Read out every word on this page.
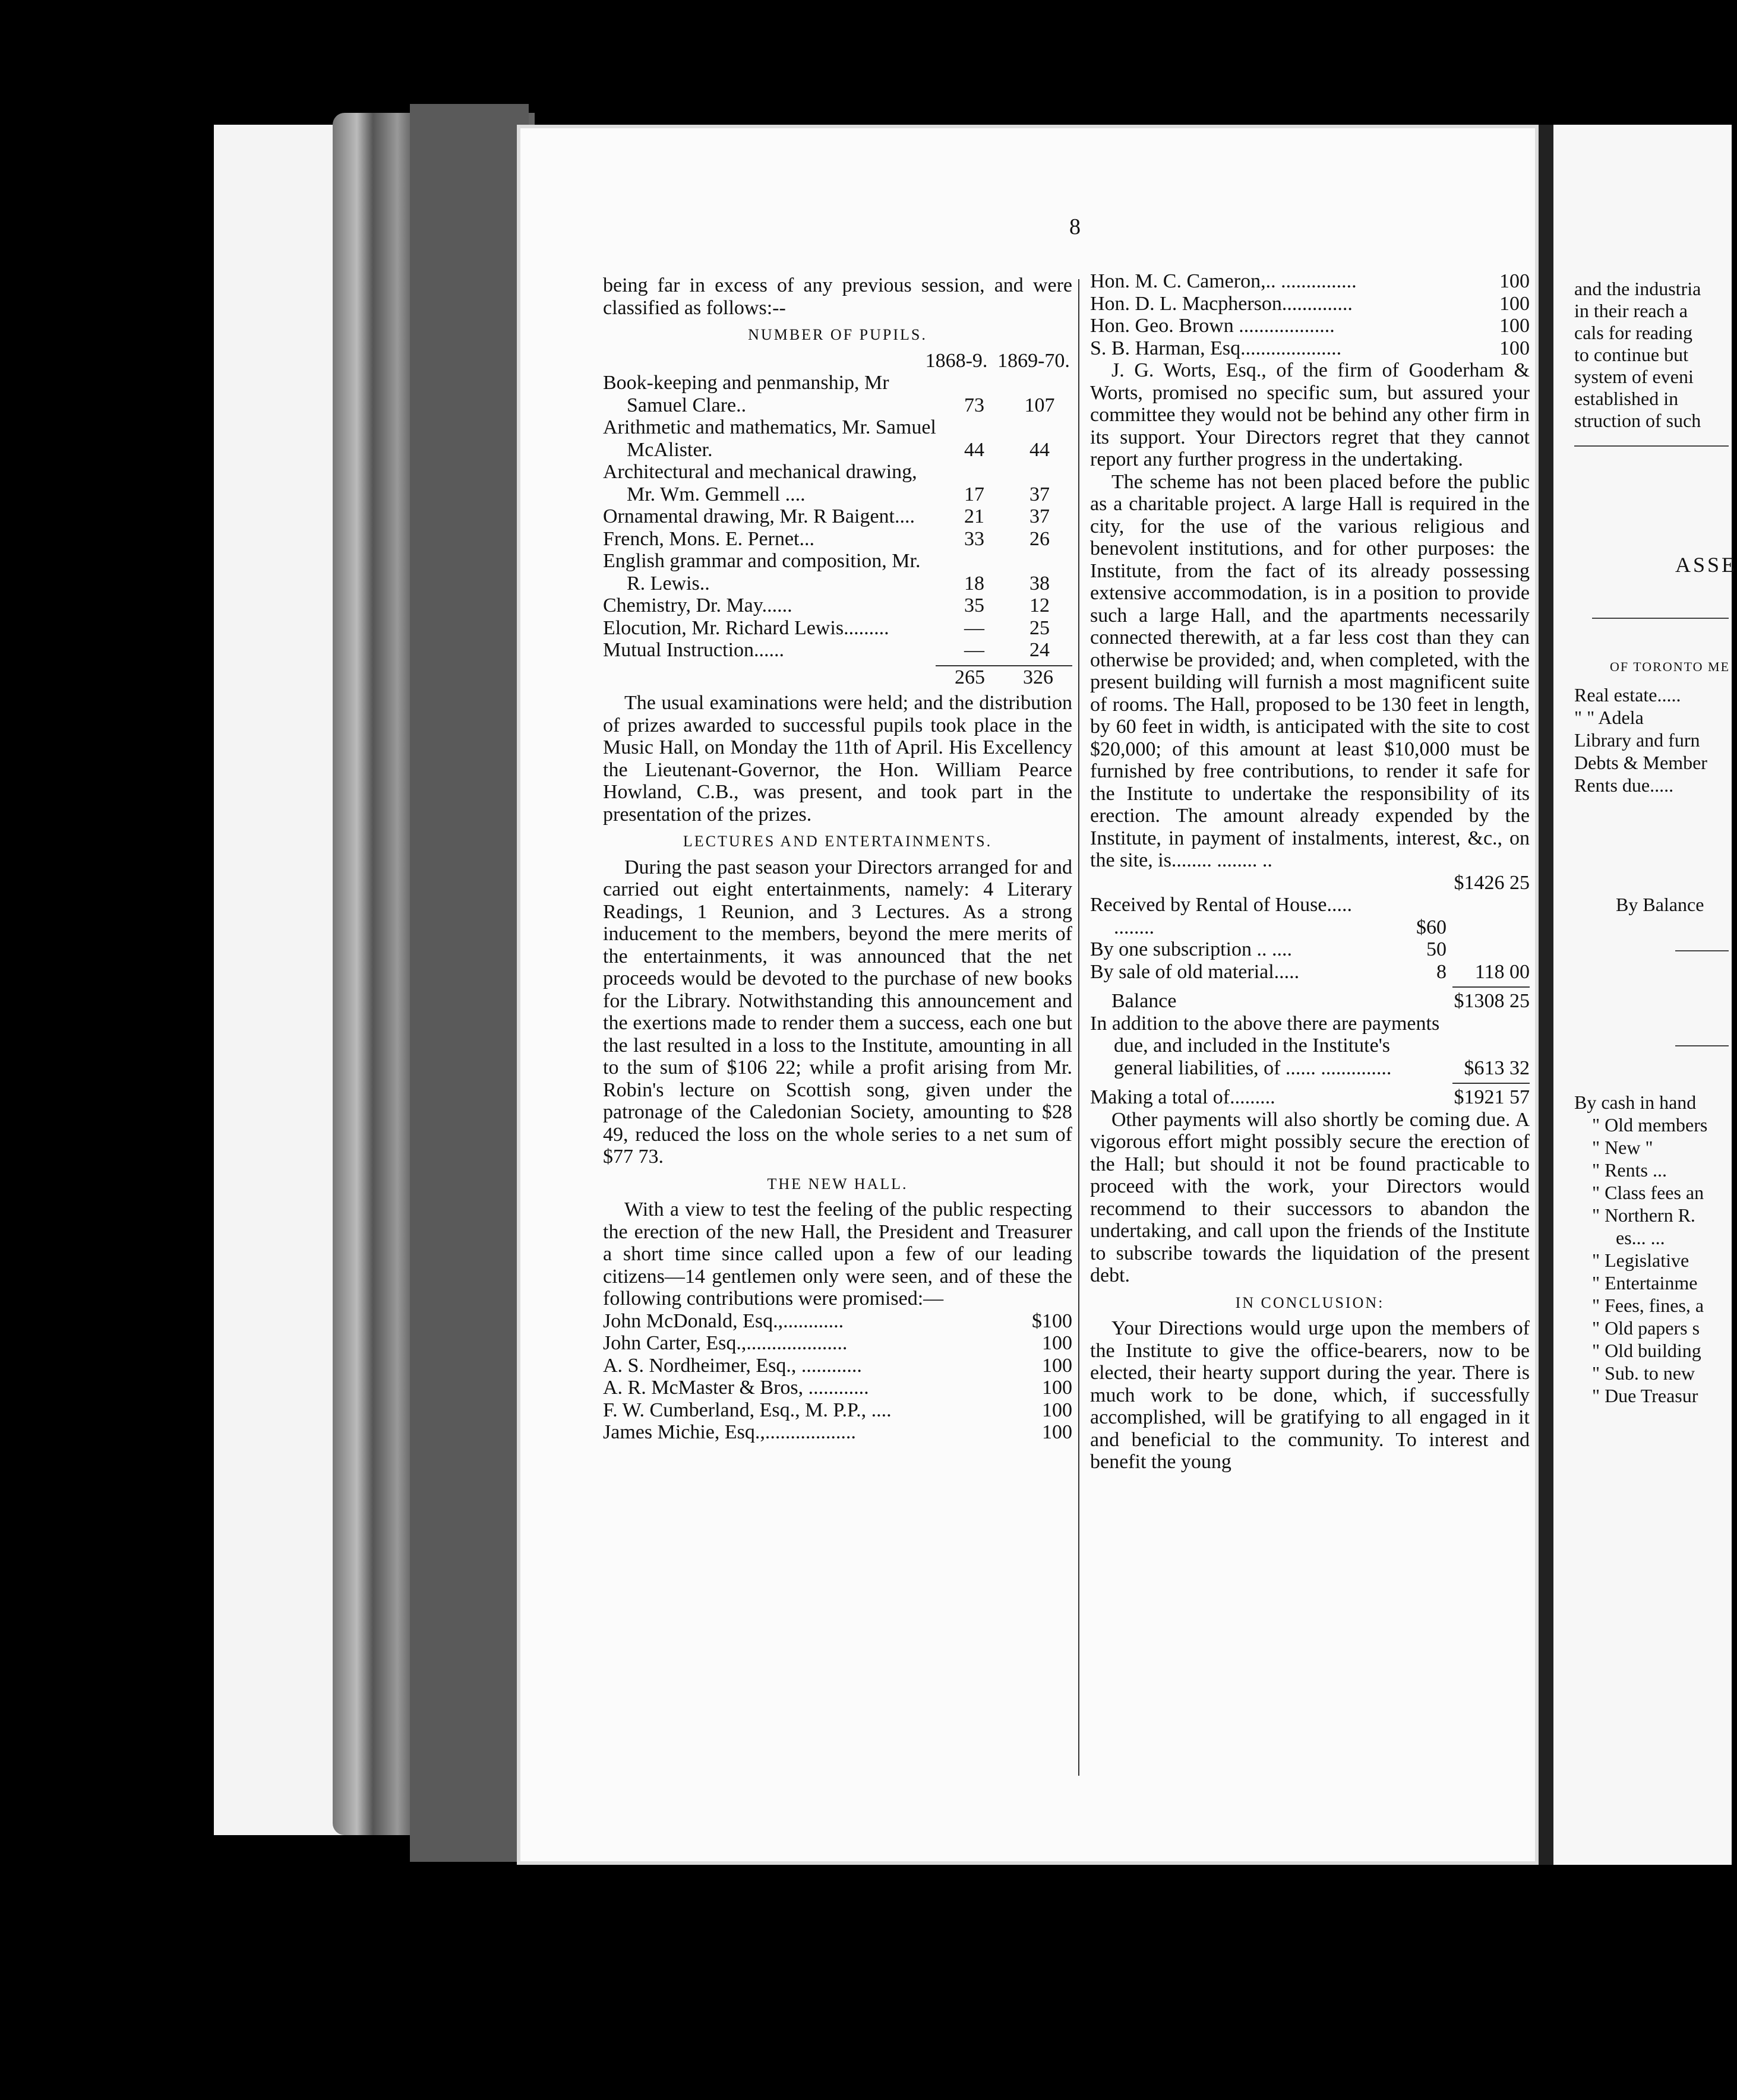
8

being far in excess of any previous session, and were classified as follows:--

NUMBER OF PUPILS.
1868-9. 1869-70.
Book-keeping and penmanship, Mr Samuel Clare..	73	107
Arithmetic and mathematics, Mr. Samuel McAlister.	44	44
Architectural and mechanical drawing, Mr. Wm. Gemmell ....	17	37
Ornamental drawing, Mr. R Baigent....	21	37
French, Mons. E. Pernet...	33	26
English grammar and composition, Mr. R. Lewis..	18	38
Chemistry, Dr. May......	35	12
Elocution, Mr. Richard Lewis.........	—	25
Mutual Instruction......	—	24
265	326

The usual examinations were held; and the distribution of prizes awarded to successful pupils took place in the Music Hall, on Monday the 11th of April. His Excellency the Lieutenant-Governor, the Hon. William Pearce Howland, C.B., was present, and took part in the presentation of the prizes.

LECTURES AND ENTERTAINMENTS.

During the past season your Directors arranged for and carried out eight entertainments, namely: 4 Literary Readings, 1 Reunion, and 3 Lectures. As a strong inducement to the members, beyond the mere merits of the entertainments, it was announced that the net proceeds would be devoted to the purchase of new books for the Library. Notwithstanding this announcement and the exertions made to render them a success, each one but the last resulted in a loss to the Institute, amounting in all to the sum of $106 22; while a profit arising from Mr. Robin's lecture on Scottish song, given under the patronage of the Caledonian Society, amounting to $28 49, reduced the loss on the whole series to a net sum of $77 73.

THE NEW HALL.

With a view to test the feeling of the public respecting the erection of the new Hall, the President and Treasurer a short time since called upon a few of our leading citizens—14 gentlemen only were seen, and of these the following contributions were promised:—

John McDonald, Esq.,............	$100
John Carter, Esq.,....................	100
A. S. Nordheimer, Esq., ............	100
A. R. McMaster & Bros, ............	100
F. W. Cumberland, Esq., M. P.P., ....	100
James Michie, Esq.,..................	100
Hon. M. C. Cameron,.. ...............	100
Hon. D. L. Macpherson..............	100
Hon. Geo. Brown ...................	100
S. B. Harman, Esq....................	100

J. G. Worts, Esq., of the firm of Gooderham & Worts, promised no specific sum, but assured your committee they would not be behind any other firm in its support. Your Directors regret that they cannot report any further progress in the undertaking.

The scheme has not been placed before the public as a charitable project. A large Hall is required in the city, for the use of the various religious and benevolent institutions, and for other purposes: the Institute, from the fact of its already possessing extensive accommodation, is in a position to provide such a large Hall, and the apartments necessarily connected therewith, at a far less cost than they can otherwise be provided; and, when completed, with the present building will furnish a most magnificent suite of rooms. The Hall, proposed to be 130 feet in length, by 60 feet in width, is anticipated with the site to cost $20,000; of this amount at least $10,000 must be furnished by free contributions, to render it safe for the Institute to undertake the responsibility of its erection. The amount already expended by the Institute, in payment of instalments, interest, &c., on the site, is........ ........ ..

$1426 25
Received by Rental of House..... ........	$60
By one subscription .. ....	50
By sale of old material.....	8	118 00
Balance	$1308 25
In addition to the above there are payments due, and included in the Institute's general liabilities, of ...... ..............	$613 32
Making a total of.........	$1921 57

Other payments will also shortly be coming due. A vigorous effort might possibly secure the erection of the Hall; but should it not be found practicable to proceed with the work, your Directors would recommend to their successors to abandon the undertaking, and call upon the friends of the Institute to subscribe towards the liquidation of the present debt.

IN CONCLUSION:

Your Directions would urge upon the members of the Institute to give the office-bearers, now to be elected, their hearty support during the year. There is much work to be done, which, if successfully accomplished, will be gratifying to all engaged in it and beneficial to the community. To interest and benefit the young

and the industria
in their reach a
cals for reading
to continue but
system of eveni
established in
struction of such
ASSE
OF TORONTO ME
Real estate.....
" " Adela
Library and furn
Debts & Member
Rents due.....
By Balance
By cash in hand
" Old members
" New "
" Rents ...
" Class fees an
" Northern R.
es... ...
" Legislative
" Entertainme
" Fees, fines, a
" Old papers s
" Old building
" Sub. to new
" Due Treasur
